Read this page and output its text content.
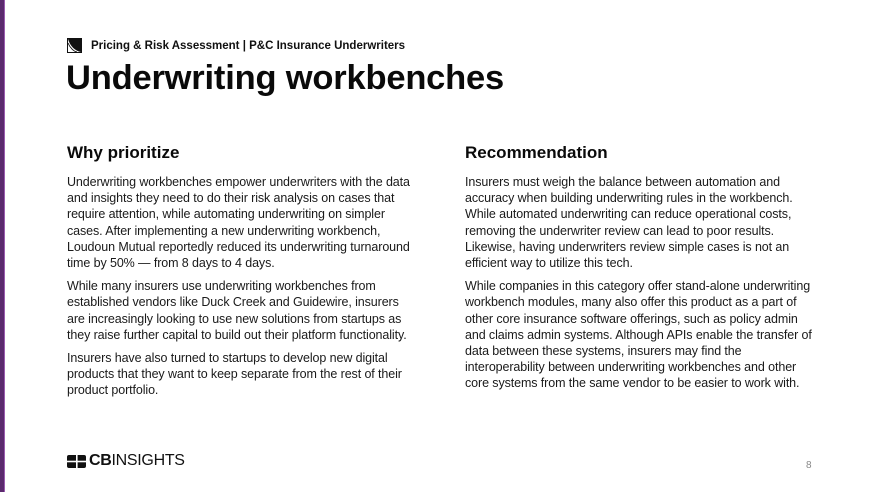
Pricing & Risk Assessment | P&C Insurance Underwriters
Underwriting workbenches
Why prioritize

Underwriting workbenches empower underwriters with the data and insights they need to do their risk analysis on cases that require attention, while automating underwriting on simpler cases. After implementing a new underwriting workbench, Loudoun Mutual reportedly reduced its underwriting turnaround time by 50% — from 8 days to 4 days.

While many insurers use underwriting workbenches from established vendors like Duck Creek and Guidewire, insurers are increasingly looking to use new solutions from startups as they raise further capital to build out their platform functionality.

Insurers have also turned to startups to develop new digital products that they want to keep separate from the rest of their product portfolio.

Recommendation

Insurers must weigh the balance between automation and accuracy when building underwriting rules in the workbench. While automated underwriting can reduce operational costs, removing the underwriter review can lead to poor results. Likewise, having underwriters review simple cases is not an efficient way to utilize this tech.

While companies in this category offer stand-alone underwriting workbench modules, many also offer this product as a part of other core insurance software offerings, such as policy admin and claims admin systems. Although APIs enable the transfer of data between these systems, insurers may find the interoperability between underwriting workbenches and other core systems from the same vendor to be easier to work with.

CBINSIGHTS	8
